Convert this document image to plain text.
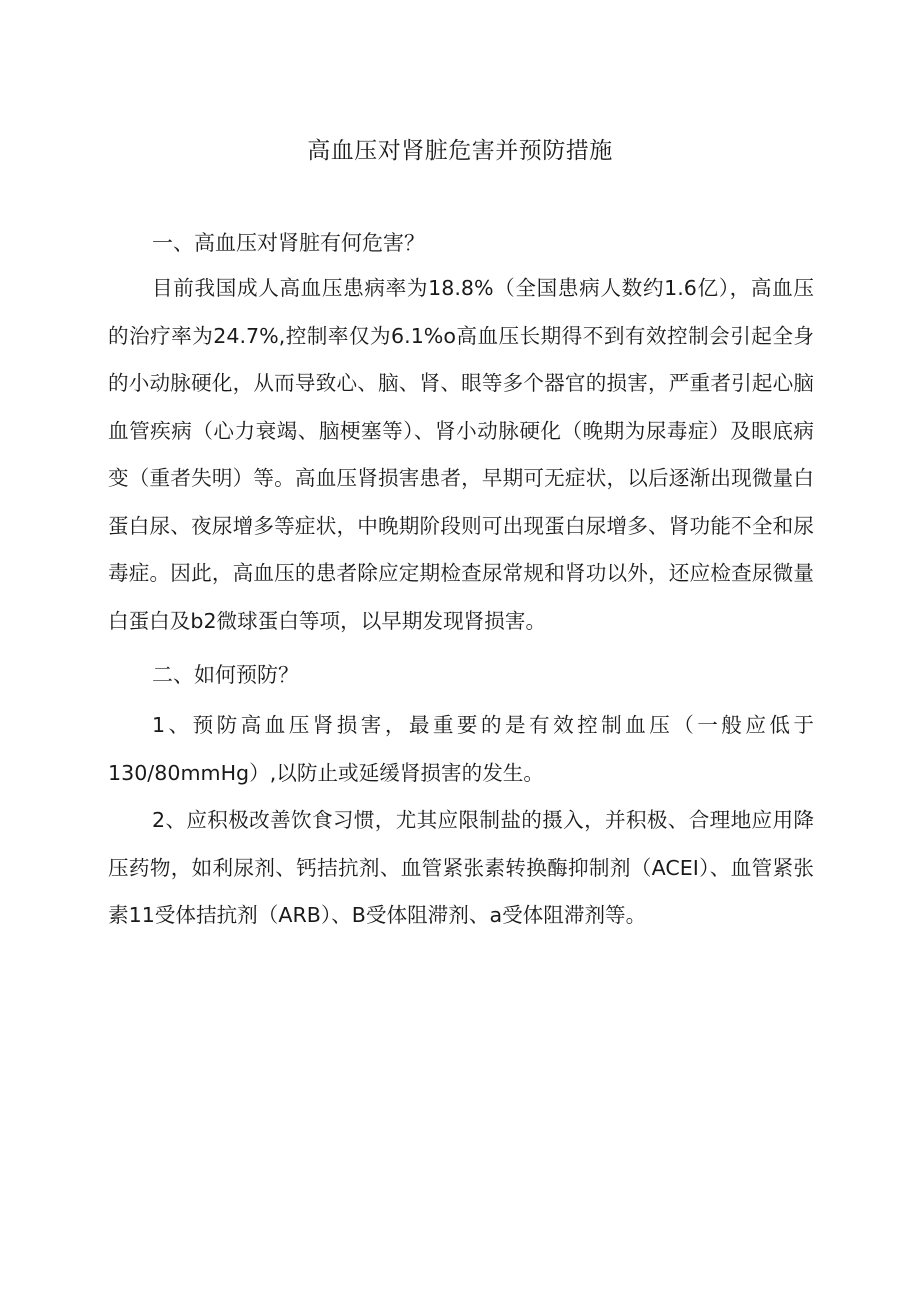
高血压对肾脏危害并预防措施
一、高血压对肾脏有何危害？

目前我国成人高血压患病率为18.8%（全国患病人数约1.6亿），高血压的治疗率为24.7%,控制率仅为6.1%o高血压长期得不到有效控制会引起全身的小动脉硬化，从而导致心、脑、肾、眼等多个器官的损害，严重者引起心脑血管疾病（心力衰竭、脑梗塞等）、肾小动脉硬化（晚期为尿毒症）及眼底病变（重者失明）等。高血压肾损害患者，早期可无症状，以后逐渐出现微量白蛋白尿、夜尿增多等症状，中晚期阶段则可出现蛋白尿增多、肾功能不全和尿毒症。因此，高血压的患者除应定期检查尿常规和肾功以外，还应检查尿微量白蛋白及b2微球蛋白等项，以早期发现肾损害。

二、如何预防？

1、预防高血压肾损害，最重要的是有效控制血压（一般应低于130∕80mmHg）,以防止或延缓肾损害的发生。

2、应积极改善饮食习惯，尤其应限制盐的摄入，并积极、合理地应用降压药物，如利尿剂、钙拮抗剂、血管紧张素转换酶抑制剂（ACEI）、血管紧张素11受体拮抗剂（ARB）、B受体阻滞剂、a受体阻滞剂等。
